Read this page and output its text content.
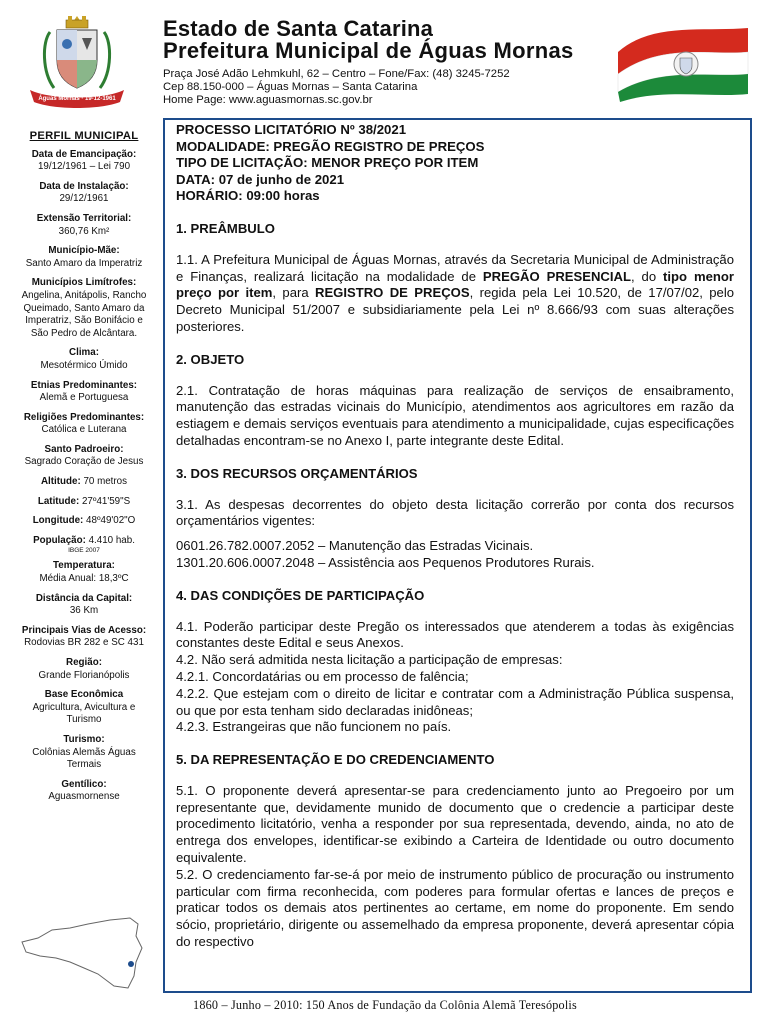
Águas Mornas · 19-12-1961
Estado de Santa Catarina
Prefeitura Municipal de Águas Mornas
Praça José Adão Lehmkuhl, 62 – Centro – Fone/Fax: (48) 3245-7252
Cep 88.150-000 – Águas Mornas – Santa Catarina
Home Page: www.aguasmornas.sc.gov.br
PERFIL MUNICIPAL
Data de Emancipação:
19/12/1961 – Lei 790
Data de Instalação:
29/12/1961
Extensão Territorial:
360,76 Km²
Município-Mãe:
Santo Amaro da Imperatriz
Municípios Limítrofes:
Angelina, Anitápolis, Rancho Queimado, Santo Amaro da Imperatriz, São Bonifácio e São Pedro de Alcântara.
Clima:
Mesotérmico Úmido
Etnias Predominantes:
Alemã e Portuguesa
Religiões Predominantes:
Católica e Luterana
Santo Padroeiro:
Sagrado Coração de Jesus
Altitude: 70 metros
Latitude: 27º41'59"S
Longitude: 48º49'02"O
População: 4.410 hab.
IBGE 2007
Temperatura:
Média Anual: 18,3ºC
Distância da Capital:
36 Km
Principais Vias de Acesso:
Rodovias BR 282 e SC 431
Região:
Grande Florianópolis
Base Econômica
Agricultura, Avicultura e Turismo
Turismo:
Colônias Alemãs Águas Termais
Gentílico:
Aguasmornense
PROCESSO LICITATÓRIO Nº 38/2021
MODALIDADE: PREGÃO REGISTRO DE PREÇOS
TIPO DE LICITAÇÃO: MENOR PREÇO POR ITEM
DATA: 07 de junho de 2021
HORÁRIO: 09:00 horas
1. PREÂMBULO

1.1. A Prefeitura Municipal de Águas Mornas, através da Secretaria Municipal de Administração e Finanças, realizará licitação na modalidade de PREGÃO PRESENCIAL, do tipo menor preço por item, para REGISTRO DE PREÇOS, regida pela Lei 10.520, de 17/07/02, pelo Decreto Municipal 51/2007 e subsidiariamente pela Lei nº 8.666/93 com suas alterações posteriores.

2. OBJETO

2.1. Contratação de horas máquinas para realização de serviços de ensaibramento, manutenção das estradas vicinais do Município, atendimentos aos agricultores em razão da estiagem e demais serviços eventuais para atendimento a municipalidade, cujas especificações detalhadas encontram-se no Anexo I, parte integrante deste Edital.

3. DOS RECURSOS ORÇAMENTÁRIOS

3.1. As despesas decorrentes do objeto desta licitação correrão por conta dos recursos orçamentários vigentes:

0601.26.782.0007.2052 – Manutenção das Estradas Vicinais.
1301.20.606.0007.2048 – Assistência aos Pequenos Produtores Rurais.
4. DAS CONDIÇÕES DE PARTICIPAÇÃO

4.1. Poderão participar deste Pregão os interessados que atenderem a todas às exigências constantes deste Edital e seus Anexos.

4.2. Não será admitida nesta licitação a participação de empresas:

4.2.1. Concordatárias ou em processo de falência;

4.2.2. Que estejam com o direito de licitar e contratar com a Administração Pública suspensa, ou que por esta tenham sido declaradas inidôneas;

4.2.3. Estrangeiras que não funcionem no país.

5. DA REPRESENTAÇÃO E DO CREDENCIAMENTO

5.1. O proponente deverá apresentar-se para credenciamento junto ao Pregoeiro por um representante que, devidamente munido de documento que o credencie a participar deste procedimento licitatório, venha a responder por sua representada, devendo, ainda, no ato de entrega dos envelopes, identificar-se exibindo a Carteira de Identidade ou outro documento equivalente.

5.2. O credenciamento far-se-á por meio de instrumento público de procuração ou instrumento particular com firma reconhecida, com poderes para formular ofertas e lances de preços e praticar todos os demais atos pertinentes ao certame, em nome do proponente. Em sendo sócio, proprietário, dirigente ou assemelhado da empresa proponente, deverá apresentar cópia do respectivo

1860 – Junho – 2010: 150 Anos de Fundação da Colônia Alemã Teresópolis
